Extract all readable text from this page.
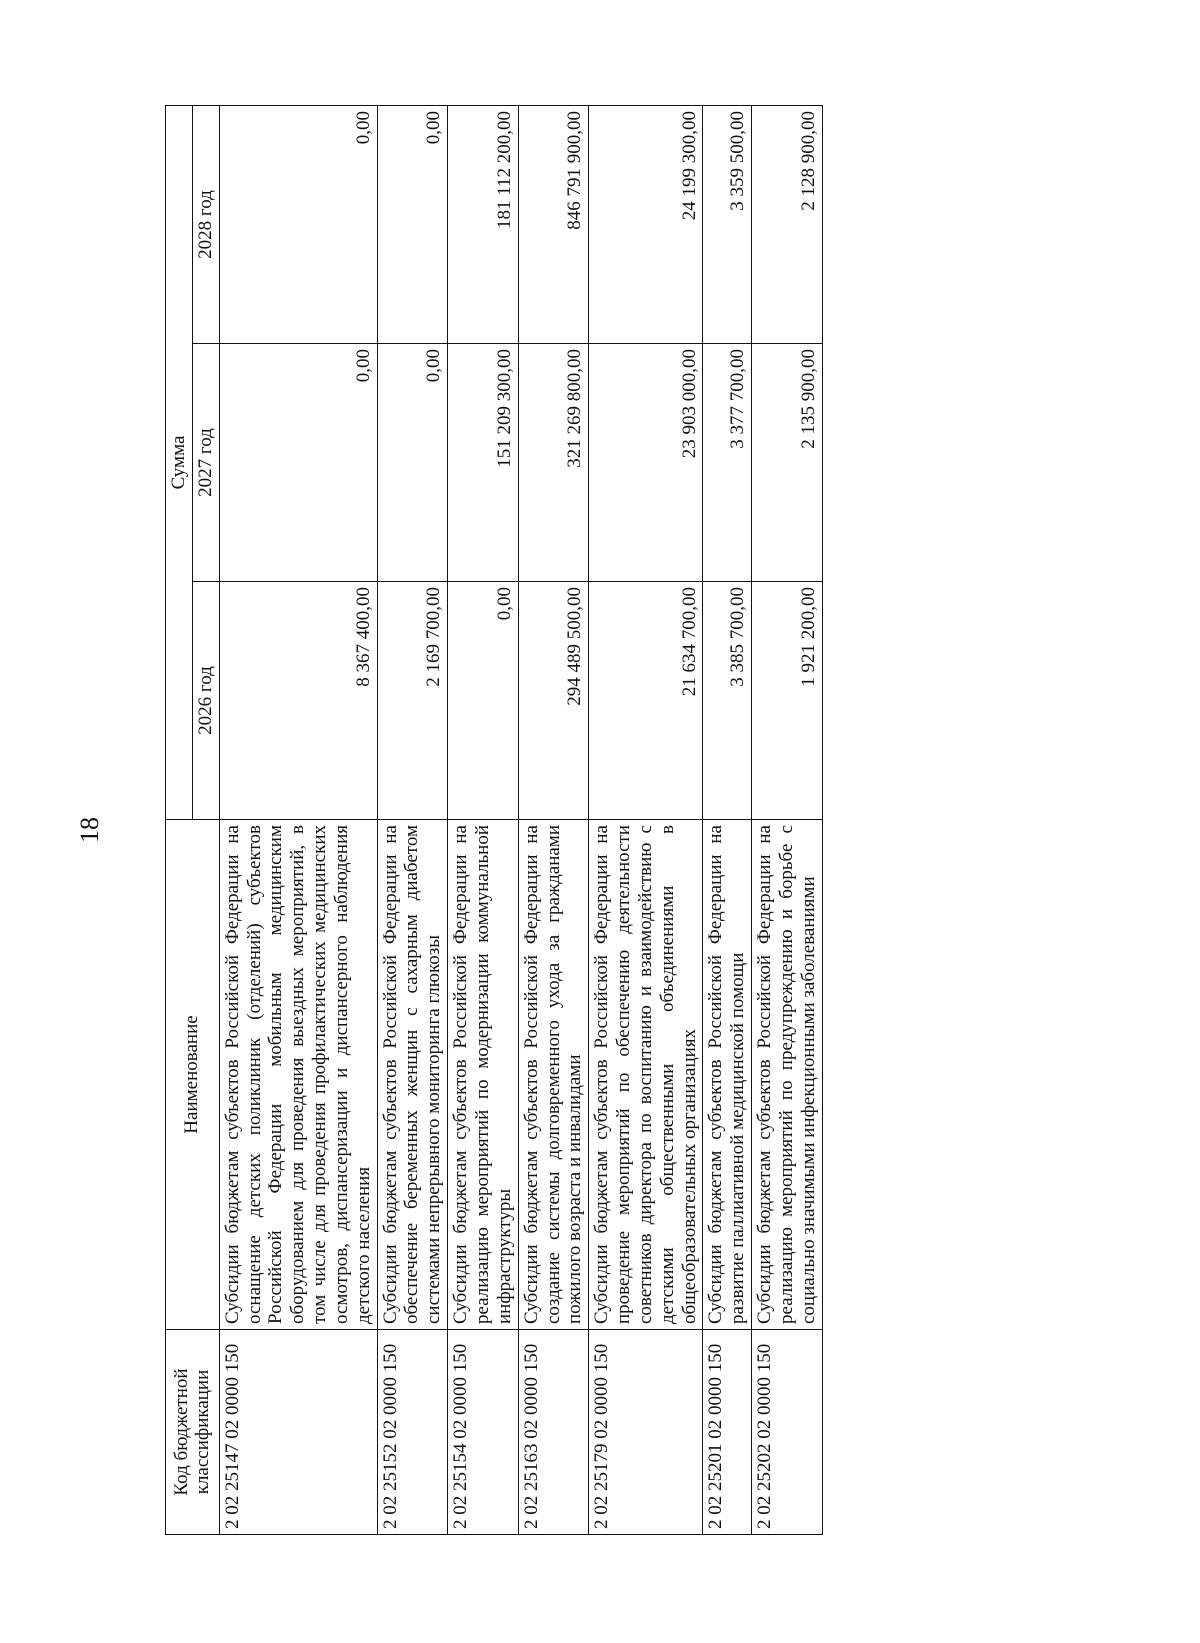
18
Код бюджетной классификации	Наименование	Сумма		
		2026 год	2027 год	2028 год
2 02 25147 02 0000 150	Субсидии бюджетам субъектов Российской Федерации на оснащение детских поликлиник (отделений) субъектов Российской Федерации мобильным медицинским оборудованием для проведения выездных мероприятий, в том числе для проведения профилактических медицинских осмотров, диспансеризации и диспансерного наблюдения детского населения	8 367 400,00	0,00	0,00
2 02 25152 02 0000 150	Субсидии бюджетам субъектов Российской Федерации на обеспечение беременных женщин с сахарным диабетом системами непрерывного мониторинга глюкозы	2 169 700,00	0,00	0,00
2 02 25154 02 0000 150	Субсидии бюджетам субъектов Российской Федерации на реализацию мероприятий по модернизации коммунальной инфраструктуры	0,00	151 209 300,00	181 112 200,00
2 02 25163 02 0000 150	Субсидии бюджетам субъектов Российской Федерации на создание системы долговременного ухода за гражданами пожилого возраста и инвалидами	294 489 500,00	321 269 800,00	846 791 900,00
2 02 25179 02 0000 150	Субсидии бюджетам субъектов Российской Федерации на проведение мероприятий по обеспечению деятельности советников директора по воспитанию и взаимодействию с детскими общественными объединениями в общеобразовательных организациях	21 634 700,00	23 903 000,00	24 199 300,00
2 02 25201 02 0000 150	Субсидии бюджетам субъектов Российской Федерации на развитие паллиативной медицинской помощи	3 385 700,00	3 377 700,00	3 359 500,00
2 02 25202 02 0000 150	Субсидии бюджетам субъектов Российской Федерации на реализацию мероприятий по предупреждению и борьбе с социально значимыми инфекционными заболеваниями	1 921 200,00	2 135 900,00	2 128 900,00
